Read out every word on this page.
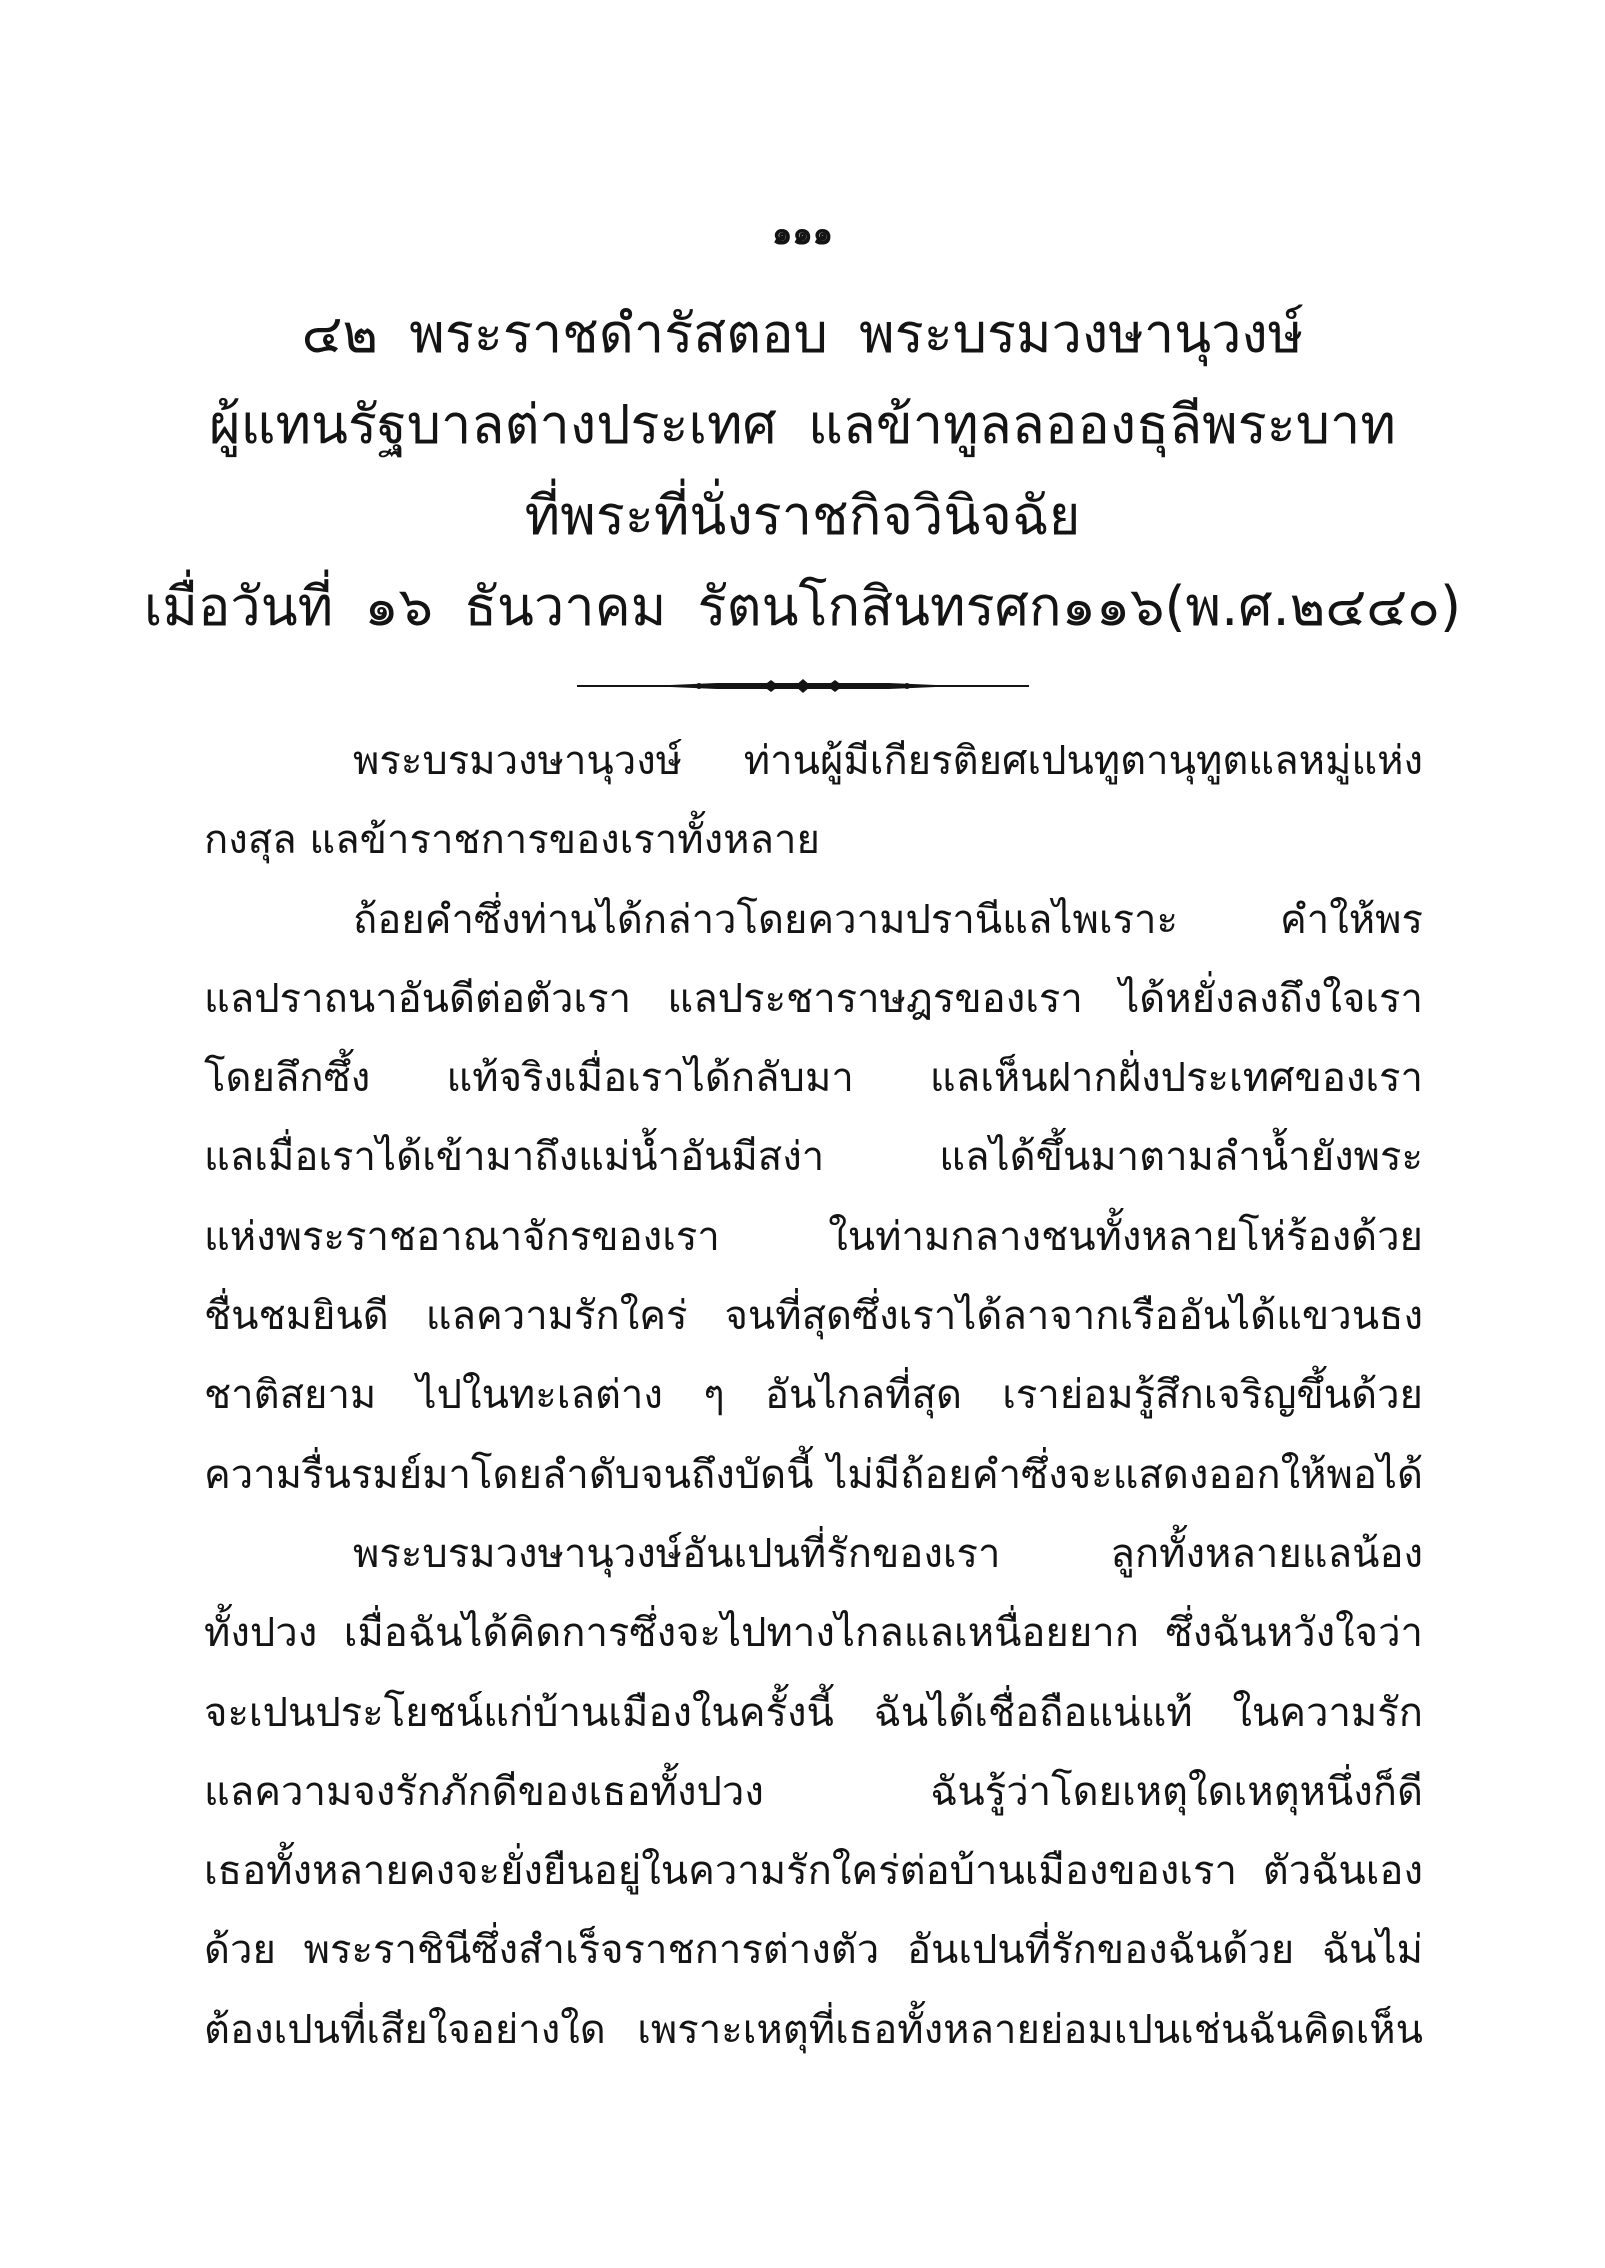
๑๑๑
๔๒ พระราชดำรัสตอบ พระบรมวงษานุวงษ์
ผู้แทนรัฐบาลต่างประเทศ แลข้าทูลลอองธุลีพระบาท
ที่พระที่นั่งราชกิจวินิจฉัย
เมื่อวันที่ ๑๖ ธันวาคม รัตนโกสินทรศก๑๑๖(พ.ศ.๒๔๔๐)
พระบรมวงษานุวงษ์ ท่านผู้มีเกียรติยศเปนทูตานุทูตแลหมู่แห่ง
กงสุล แลข้าราชการของเราทั้งหลาย
ถ้อยคำซึ่งท่านได้กล่าวโดยความปรานีแลไพเราะ คำให้พร
แลปราถนาอันดีต่อตัวเรา แลประชาราษฎรของเรา ได้หยั่งลงถึงใจเรา
โดยลึกซึ้ง แท้จริงเมื่อเราได้กลับมา แลเห็นฝากฝั่งประเทศของเรา
แลเมื่อเราได้เข้ามาถึงแม่น้ำอันมีสง่า แลได้ขึ้นมาตามลำน้ำยังพระ
แห่งพระราชอาณาจักรของเรา ในท่ามกลางชนทั้งหลายโห่ร้องด้วย
ชื่นชมยินดี แลความรักใคร่ จนที่สุดซึ่งเราได้ลาจากเรืออันได้แขวนธง
ชาติสยาม ไปในทะเลต่าง ๆ อันไกลที่สุด เราย่อมรู้สึกเจริญขึ้นด้วย
ความรื่นรมย์มาโดยลำดับจนถึงบัดนี้ ไม่มีถ้อยคำซึ่งจะแสดงออกให้พอได้
พระบรมวงษานุวงษ์อันเปนที่รักของเรา ลูกทั้งหลายแลน้อง
ทั้งปวง เมื่อฉันได้คิดการซึ่งจะไปทางไกลแลเหนื่อยยาก ซึ่งฉันหวังใจว่า
จะเปนประโยชน์แก่บ้านเมืองในครั้งนี้ ฉันได้เชื่อถือแน่แท้ ในความรัก
แลความจงรักภักดีของเธอทั้งปวง ฉันรู้ว่าโดยเหตุใดเหตุหนึ่งก็ดี
เธอทั้งหลายคงจะยั่งยืนอยู่ในความรักใคร่ต่อบ้านเมืองของเรา ตัวฉันเอง
ด้วย พระราชินีซึ่งสำเร็จราชการต่างตัว อันเปนที่รักของฉันด้วย ฉันไม่
ต้องเปนที่เสียใจอย่างใด เพราะเหตุที่เธอทั้งหลายย่อมเปนเช่นฉันคิดเห็น
